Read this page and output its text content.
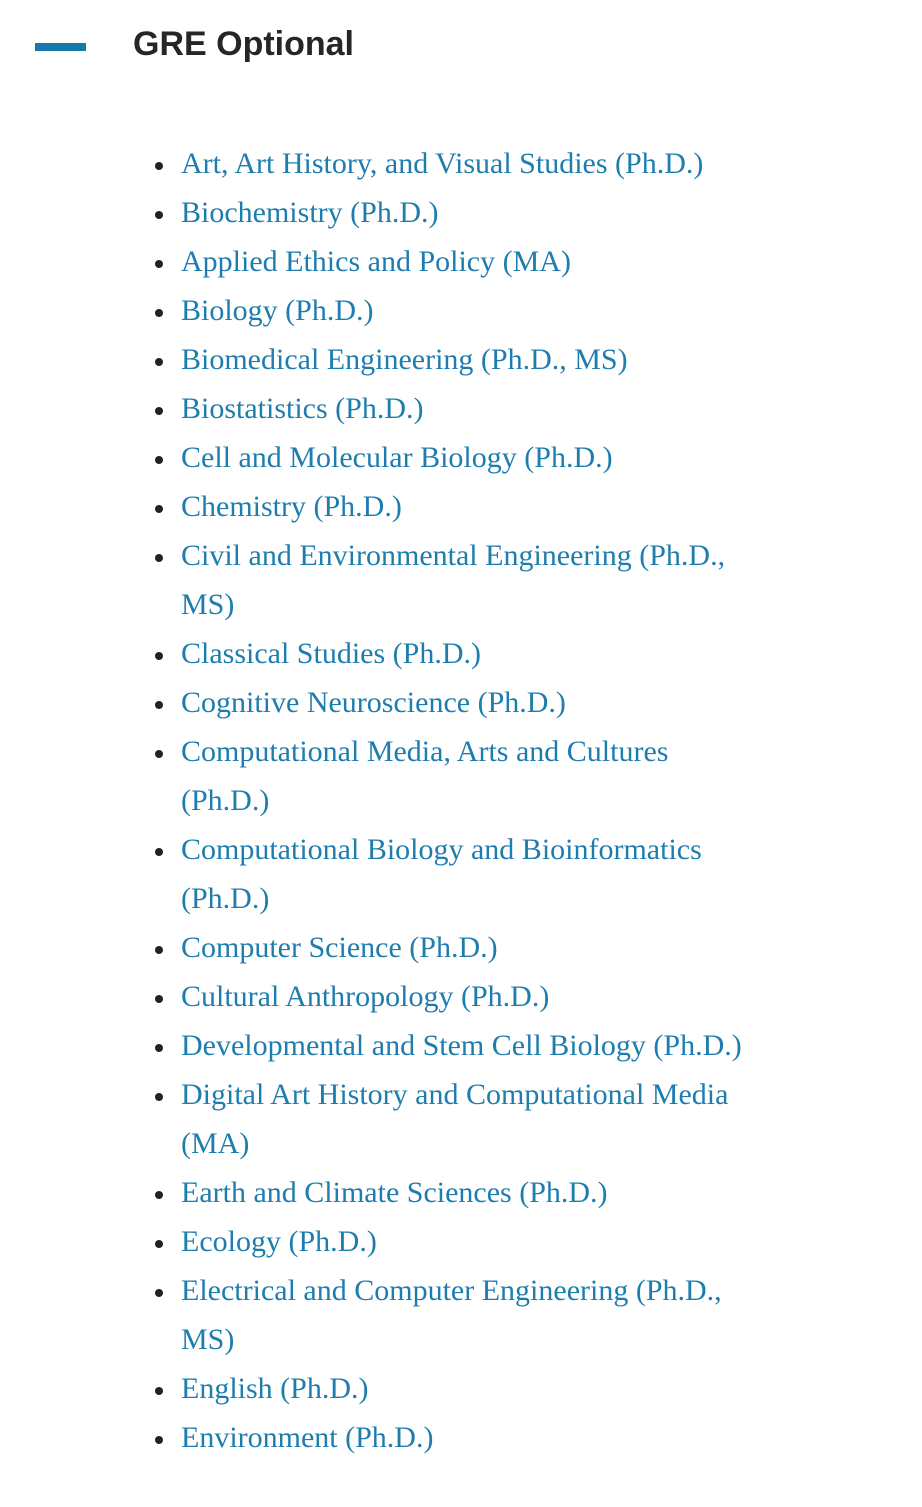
GRE Optional
• Art, Art History, and Visual Studies (Ph.D.)
• Biochemistry (Ph.D.)
• Applied Ethics and Policy (MA)
• Biology (Ph.D.)
• Biomedical Engineering (Ph.D., MS)
• Biostatistics (Ph.D.)
• Cell and Molecular Biology (Ph.D.)
• Chemistry (Ph.D.)
• Civil and Environmental Engineering (Ph.D., MS)
• Classical Studies (Ph.D.)
• Cognitive Neuroscience (Ph.D.)
• Computational Media, Arts and Cultures (Ph.D.)
• Computational Biology and Bioinformatics (Ph.D.)
• Computer Science (Ph.D.)
• Cultural Anthropology (Ph.D.)
• Developmental and Stem Cell Biology (Ph.D.)
• Digital Art History and Computational Media (MA)
• Earth and Climate Sciences (Ph.D.)
• Ecology (Ph.D.)
• Electrical and Computer Engineering (Ph.D., MS)
• English (Ph.D.)
• Environment (Ph.D.)
